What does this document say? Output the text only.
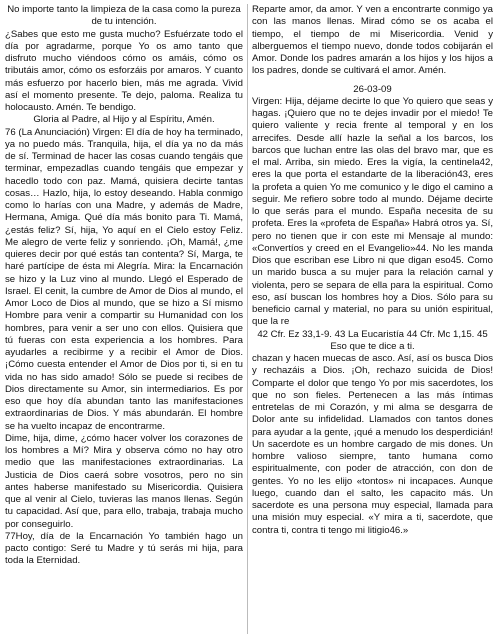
No importe tanto la limpieza de la casa como la pureza de tu intención.

¿Sabes que esto me gusta mucho? Esfuérzate todo el día por agradarme, porque Yo os amo tanto que disfruto mucho viéndoos cómo os amáis, cómo os tributáis amor, cómo os esforzáis por amaros. Y cuanto más esfuerzo por hacerlo bien, más me agrada. Vivid así el momento presente. Te dejo, paloma. Realiza tu holocausto. Amén. Te bendigo.

Gloria al Padre, al Hijo y al Espíritu, Amén.

76 (La Anunciación) Virgen: El día de hoy ha terminado, ya no puedo más. Tranquila, hija, el día ya no da más de sí. Terminad de hacer las cosas cuando tengáis que terminar, empezadlas cuando tengáis que empezar y hacedlo todo con paz. Mamá, quisiera decirte tantas cosas… Hazlo, hija, lo estoy deseando. Habla conmigo como lo harías con una Madre, y además de Madre, Hermana, Amiga. Qué día más bonito para Ti. Mamá, ¿estás feliz? Sí, hija, Yo aquí en el Cielo estoy Feliz. Me alegro de verte feliz y sonriendo. ¡Oh, Mamá!, ¿me quieres decir por qué estás tan contenta? Sí, Marga, te haré partícipe de ésta mi Alegría. Mira: la Encarnación se hizo y la Luz vino al mundo. Llegó el Esperado de Israel. El cenit, la cumbre de Amor de Dios al mundo, el Amor Loco de Dios al mundo, que se hizo a Sí mismo Hombre para venir a compartir su Humanidad con los hombres, para venir a ser uno con ellos. Quisiera que tú fueras con esta experiencia a los hombres. Para ayudarles a recibirme y a recibir el Amor de Dios. ¡Cómo cuesta entender el Amor de Dios por ti, si en tu vida no has sido amado! Sólo se puede si recibes de Dios directamente su Amor, sin intermediarios. Es por eso que hoy día abundan tanto las manifestaciones extraordinarias de Dios. Y más abundarán. El hombre se ha vuelto incapaz de encontrarme.

Dime, hija, dime, ¿cómo hacer volver los corazones de los hombres a Mí? Mira y observa cómo no hay otro medio que las manifestaciones extraordinarias. La Justicia de Dios caerá sobre vosotros, pero no sin antes haberse manifestado su Misericordia. Quisiera que al venir al Cielo, tuvieras las manos llenas. Según tu capacidad. Así que, para ello, trabaja, trabaja mucho por conseguirlo.

77Hoy, día de la Encarnación Yo también hago un pacto contigo: Seré tu Madre y tú serás mi hija, para toda la Eternidad.

Reparte amor, da amor. Y ven a encontrarte conmigo ya con las manos llenas. Mirad cómo se os acaba el tiempo, el tiempo de mi Misericordia. Venid y alberguemos el tiempo nuevo, donde todos cobijarán el Amor. Donde los padres amarán a los hijos y los hijos a los padres, donde se cultivará el amor. Amén.

26-03-09

Virgen: Hija, déjame decirte lo que Yo quiero que seas y hagas. ¡Quiero que no te dejes invadir por el miedo! Te quiero valiente y recia frente al temporal y en los arrecifes. Desde allí hazle la señal a los barcos, los barcos que luchan entre las olas del bravo mar, que es el mal. Arriba, sin miedo. Eres la vigía, la centinela42, eres la que porta el estandarte de la liberación43, eres la profeta a quien Yo me comunico y le digo el camino a seguir. Me refiero sobre todo al mundo. Déjame decirte lo que serás para el mundo. España necesita de su profeta. Eres la «profeta de España» Habrá otros ya. Sí, pero no tienen que ir con este mi Mensaje al mundo: «Convertíos y creed en el Evangelio»44. No les manda Dios que escriban ese Libro ni que digan eso45. Como un marido busca a su mujer para la relación carnal y violenta, pero se separa de ella para la espiritual. Como eso, así buscan los hombres hoy a Dios. Sólo para su beneficio carnal y material, no para su unión espiritual, que la re

42 Cfr. Ez 33,1-9. 43 La Eucaristía 44 Cfr. Mc 1,15. 45 Eso que te dice a ti.

chazan y hacen muecas de asco. Así, así os busca Dios y rechazáis a Dios. ¡Oh, rechazo suicida de Dios! Comparte el dolor que tengo Yo por mis sacerdotes, los que no son fieles. Pertenecen a las más íntimas entretelas de mi Corazón, y mi alma se desgarra de Dolor ante su infidelidad. Llamados con tantos dones para ayudar a la gente, ¡qué a menudo los desperdicián! Un sacerdote es un hombre cargado de mis dones. Un hombre valioso siempre, tanto humana como espiritualmente, con poder de atracción, con don de gentes. Yo no les elijo «tontos» ni incapaces. Aunque luego, cuando dan el salto, les capacito más. Un sacerdote es una persona muy especial, llamada para una misión muy especial. «Y mira a ti, sacerdote, que contra ti, contra ti tengo mi litigio46.»
